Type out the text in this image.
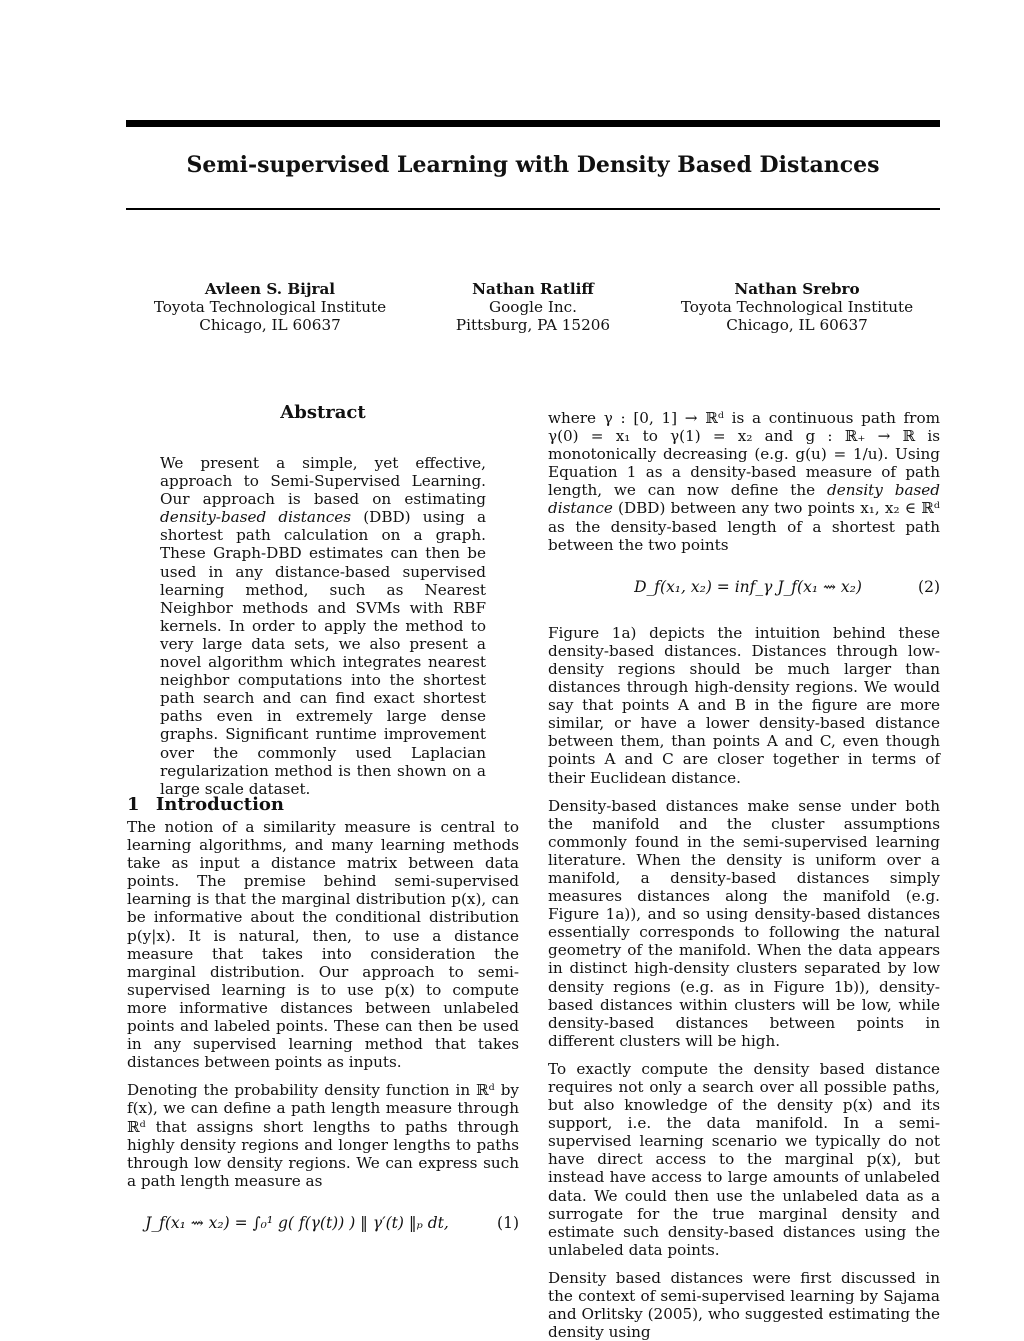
Semi-supervised Learning with Density Based Distances
Avleen S. Bijral
Toyota Technological Institute
Chicago, IL 60637
Nathan Ratliff
Google Inc.
Pittsburg, PA 15206
Nathan Srebro
Toyota Technological Institute
Chicago, IL 60637
Abstract

We present a simple, yet effective, approach to Semi-Supervised Learning. Our approach is based on estimating density-based distances (DBD) using a shortest path calculation on a graph. These Graph-DBD estimates can then be used in any distance-based supervised learning method, such as Nearest Neighbor methods and SVMs with RBF kernels. In order to apply the method to very large data sets, we also present a novel algorithm which integrates nearest neighbor computations into the shortest path search and can find exact shortest paths even in extremely large dense graphs. Significant runtime improvement over the commonly used Laplacian regularization method is then shown on a large scale dataset.

1 Introduction

The notion of a similarity measure is central to learning algorithms, and many learning methods take as input a distance matrix between data points. The premise behind semi-supervised learning is that the marginal distribution p(x), can be informative about the conditional distribution p(y|x). It is natural, then, to use a distance measure that takes into consideration the marginal distribution. Our approach to semi-supervised learning is to use p(x) to compute more informative distances between unlabeled points and labeled points. These can then be used in any supervised learning method that takes distances between points as inputs.

Denoting the probability density function in ℝᵈ by f(x), we can define a path length measure through ℝᵈ that assigns short lengths to paths through highly density regions and longer lengths to paths through low density regions. We can express such a path length measure as

J_f(x₁ ⇝ x₂) = ∫₀¹ g( f(γ(t)) ) ‖ γ′(t) ‖ₚ dt,	(1)

where γ : [0, 1] → ℝᵈ is a continuous path from γ(0) = x₁ to γ(1) = x₂ and g : ℝ₊ → ℝ is monotonically decreasing (e.g. g(u) = 1/u). Using Equation 1 as a density-based measure of path length, we can now define the density based distance (DBD) between any two points x₁, x₂ ∈ ℝᵈ as the density-based length of a shortest path between the two points

D_f(x₁, x₂) = inf_γ J_f(x₁ ⇝ x₂)	(2)

Figure 1a) depicts the intuition behind these density-based distances. Distances through low-density regions should be much larger than distances through high-density regions. We would say that points A and B in the figure are more similar, or have a lower density-based distance between them, than points A and C, even though points A and C are closer together in terms of their Euclidean distance.

Density-based distances make sense under both the manifold and the cluster assumptions commonly found in the semi-supervised learning literature. When the density is uniform over a manifold, a density-based distances simply measures distances along the manifold (e.g. Figure 1a)), and so using density-based distances essentially corresponds to following the natural geometry of the manifold. When the data appears in distinct high-density clusters separated by low density regions (e.g. as in Figure 1b)), density-based distances within clusters will be low, while density-based distances between points in different clusters will be high.

To exactly compute the density based distance requires not only a search over all possible paths, but also knowledge of the density p(x) and its support, i.e. the data manifold. In a semi-supervised learning scenario we typically do not have direct access to the marginal p(x), but instead have access to large amounts of unlabeled data. We could then use the unlabeled data as a surrogate for the true marginal density and estimate such density-based distances using the unlabeled data points.

Density based distances were first discussed in the context of semi-supervised learning by Sajama and Orlitsky (2005), who suggested estimating the density using
